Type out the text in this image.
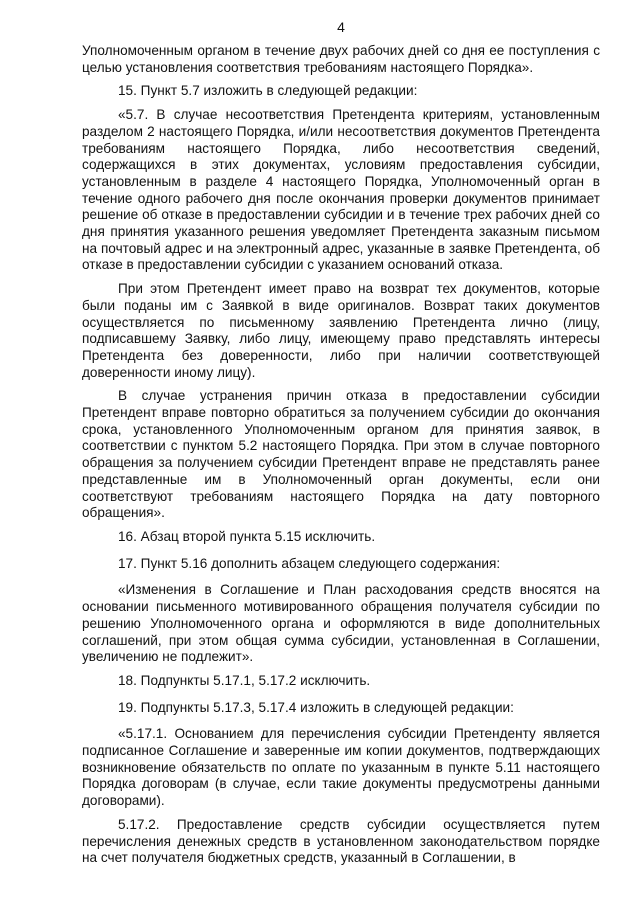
4

Уполномоченным органом в течение двух рабочих дней со дня ее поступления с целью установления соответствия требованиям настоящего Порядка».

15. Пункт 5.7 изложить в следующей редакции:

«5.7. В случае несоответствия Претендента критериям, установленным разделом 2 настоящего Порядка, и/или несоответствия документов Претендента требованиям настоящего Порядка, либо несоответствия сведений, содержащихся в этих документах, условиям предоставления субсидии, установленным в разделе 4 настоящего Порядка, Уполномоченный орган в течение одного рабочего дня после окончания проверки документов принимает решение об отказе в предоставлении субсидии и в течение трех рабочих дней со дня принятия указанного решения уведомляет Претендента заказным письмом на почтовый адрес и на электронный адрес, указанные в заявке Претендента, об отказе в предоставлении субсидии с указанием оснований отказа.

При этом Претендент имеет право на возврат тех документов, которые были поданы им с Заявкой в виде оригиналов. Возврат таких документов осуществляется по письменному заявлению Претендента лично (лицу, подписавшему Заявку, либо лицу, имеющему право представлять интересы Претендента без доверенности, либо при наличии соответствующей доверенности иному лицу).

В случае устранения причин отказа в предоставлении субсидии Претендент вправе повторно обратиться за получением субсидии до окончания срока, установленного Уполномоченным органом для принятия заявок, в соответствии с пунктом 5.2 настоящего Порядка. При этом в случае повторного обращения за получением субсидии Претендент вправе не представлять ранее представленные им в Уполномоченный орган документы, если они соответствуют требованиям настоящего Порядка на дату повторного обращения».

16. Абзац второй пункта 5.15 исключить.

17. Пункт 5.16 дополнить абзацем следующего содержания:

«Изменения в Соглашение и План расходования средств вносятся на основании письменного мотивированного обращения получателя субсидии по решению Уполномоченного органа и оформляются в виде дополнительных соглашений, при этом общая сумма субсидии, установленная в Соглашении, увеличению не подлежит».

18. Подпункты 5.17.1, 5.17.2 исключить.

19. Подпункты 5.17.3, 5.17.4 изложить в следующей редакции:

«5.17.1. Основанием для перечисления субсидии Претенденту является подписанное Соглашение и заверенные им копии документов, подтверждающих возникновение обязательств по оплате по указанным в пункте 5.11 настоящего Порядка договорам (в случае, если такие документы предусмотрены данными договорами).

5.17.2. Предоставление средств субсидии осуществляется путем перечисления денежных средств в установленном законодательством порядке на счет получателя бюджетных средств, указанный в Соглашении, в
